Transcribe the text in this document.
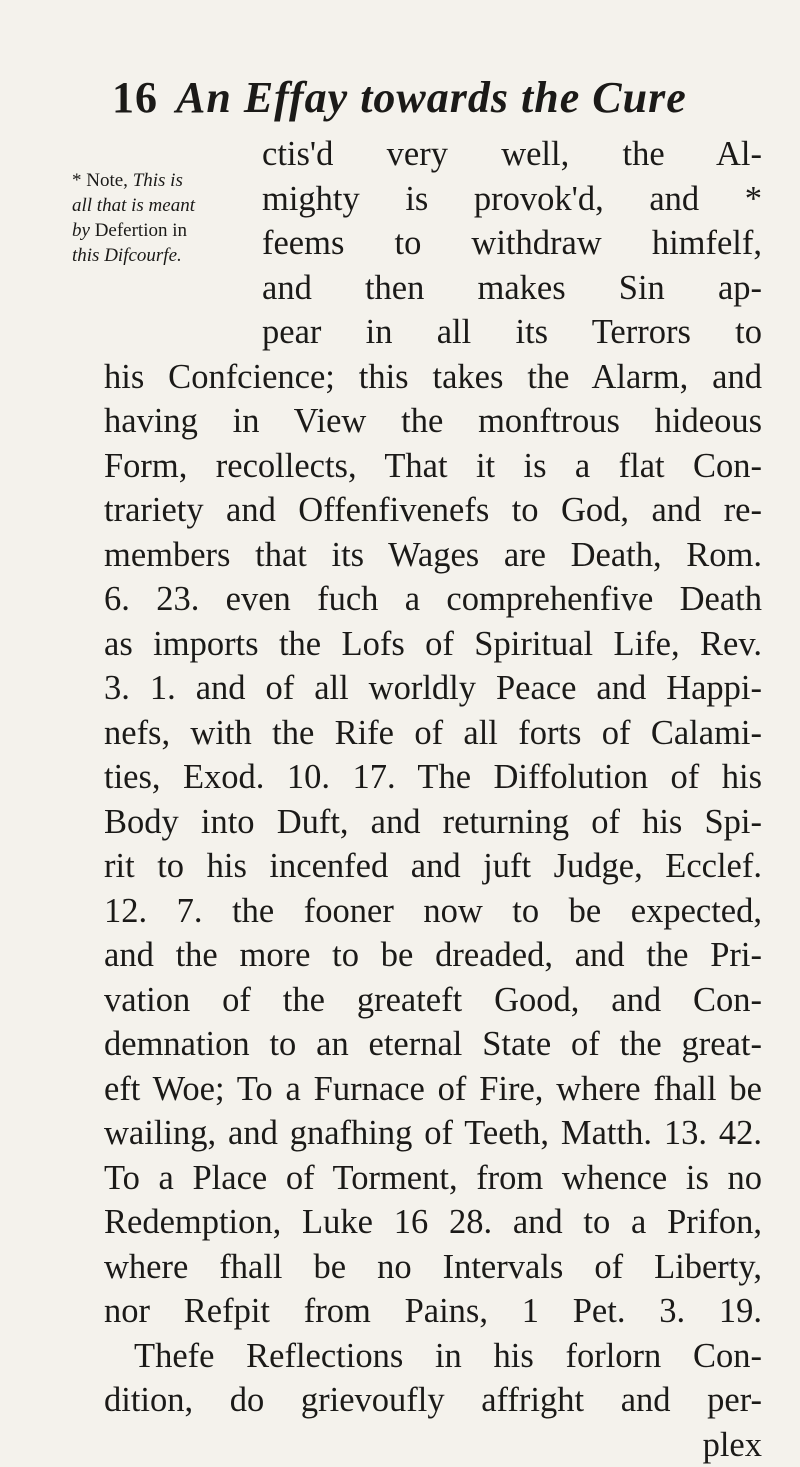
16 An Effay towards the Cure
* Note, This is
all that is meant
by Defertion in
this Difcourfe.
ctis'd very well, the Al-
mighty is provok'd, and *
feems to withdraw himfelf,
and then makes Sin ap-
pear in all its Terrors to
his Confcience; this takes the Alarm, and
having in View the monftrous hideous
Form, recollects, That it is a flat Con-
trariety and Offenfivenefs to God, and re-
members that its Wages are Death, Rom.
6. 23. even fuch a comprehenfive Death
as imports the Lofs of Spiritual Life, Rev.
3. 1. and of all worldly Peace and Happi-
nefs, with the Rife of all forts of Calami-
ties, Exod. 10. 17. The Diffolution of his
Body into Duft, and returning of his Spi-
rit to his incenfed and juft Judge, Ecclef.
12. 7. the fooner now to be expected,
and the more to be dreaded, and the Pri-
vation of the greateft Good, and Con-
demnation to an eternal State of the great-
eft Woe; To a Furnace of Fire, where fhall be
wailing, and gnafhing of Teeth, Matth. 13. 42.
To a Place of Torment, from whence is no
Redemption, Luke 16 28. and to a Prifon,
where fhall be no Intervals of Liberty,
nor Refpit from Pains, 1 Pet. 3. 19.
Thefe Reflections in his forlorn Con-
dition, do grievoufly affright and per-
plex
